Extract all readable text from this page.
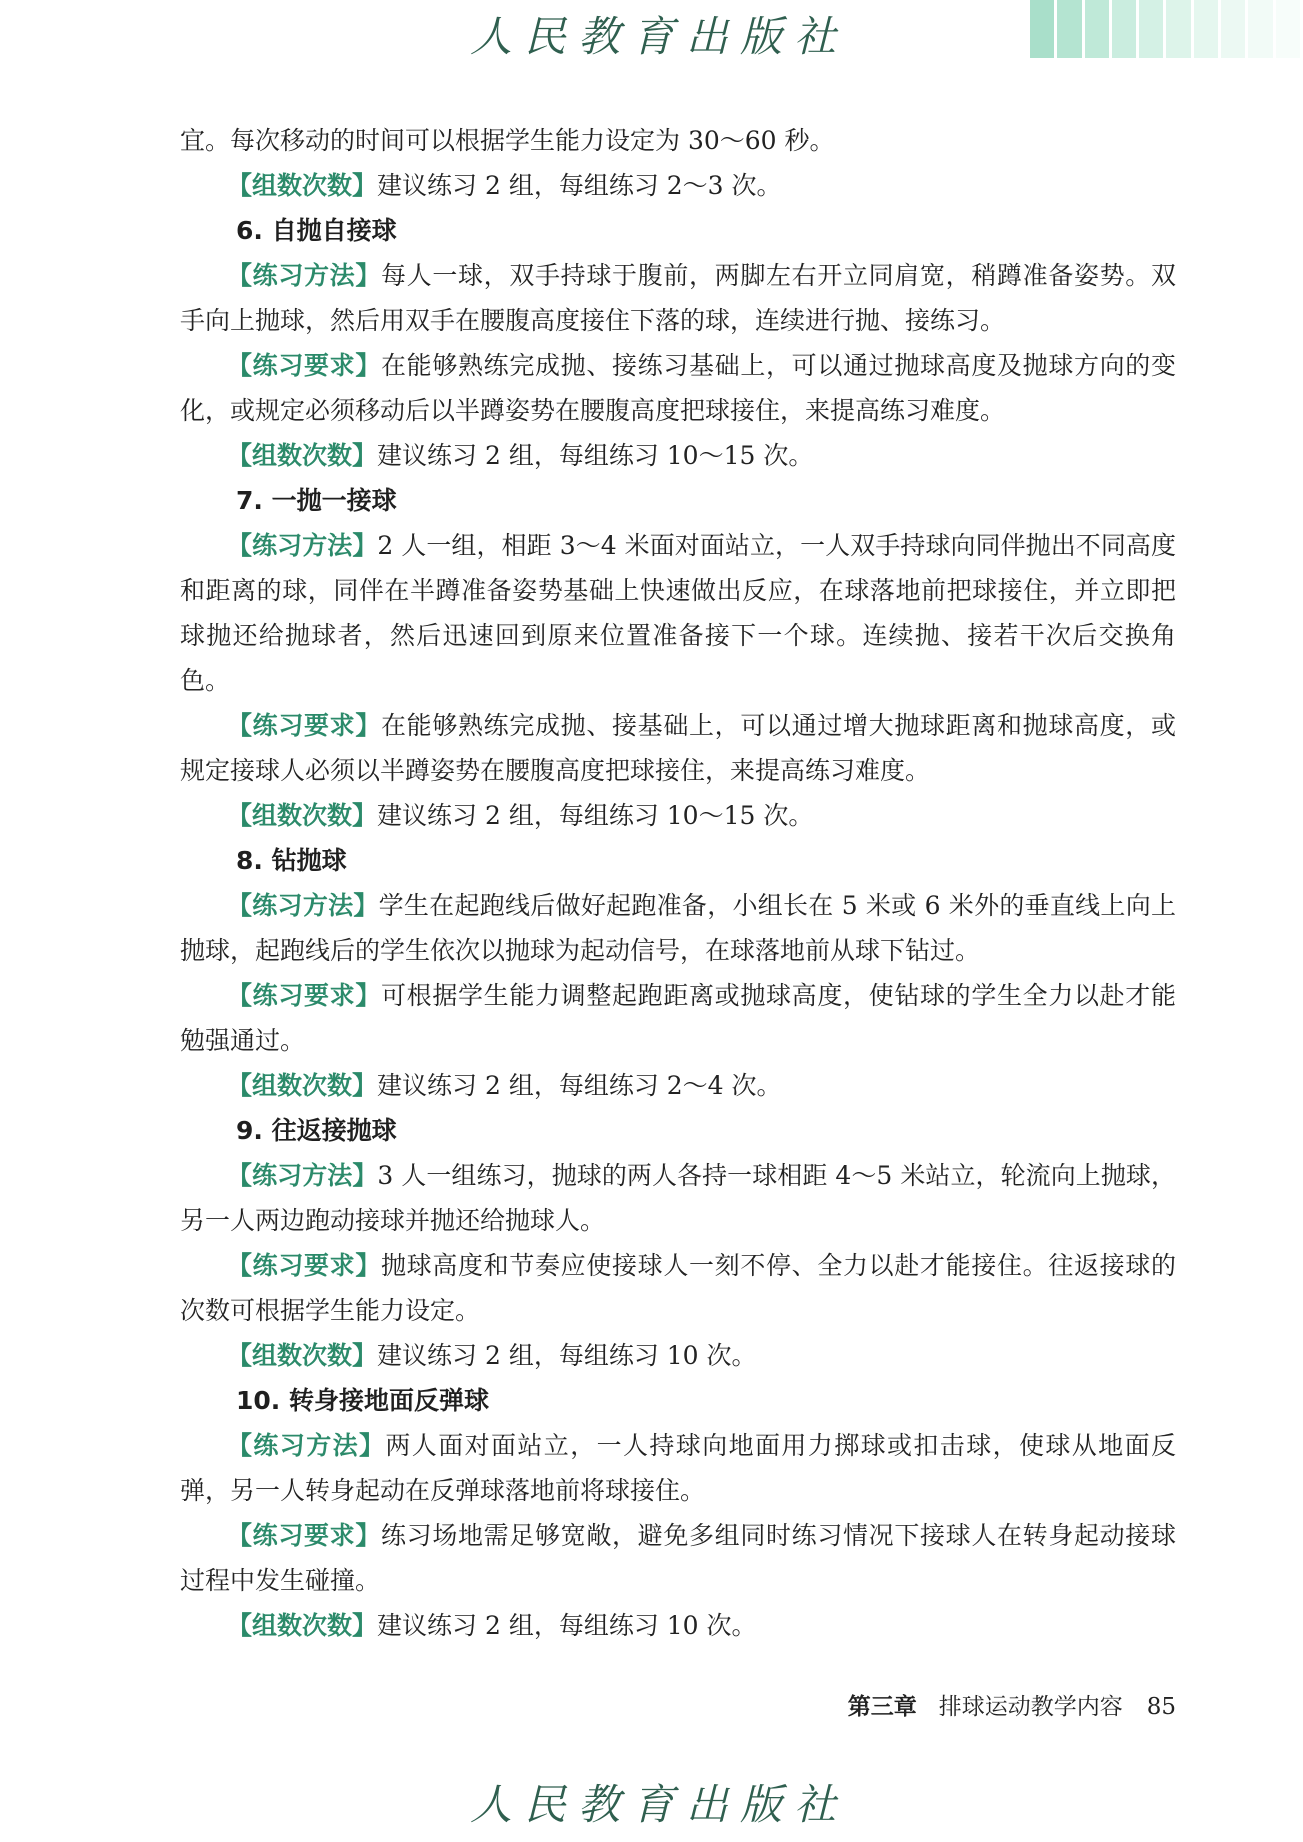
人民教育出版社

宜。每次移动的时间可以根据学生能力设定为 30～60 秒。

【组数次数】建议练习 2 组，每组练习 2～3 次。

6. 自抛自接球

【练习方法】每人一球，双手持球于腹前，两脚左右开立同肩宽，稍蹲准备姿势。双手向上抛球，然后用双手在腰腹高度接住下落的球，连续进行抛、接练习。

【练习要求】在能够熟练完成抛、接练习基础上，可以通过抛球高度及抛球方向的变化，或规定必须移动后以半蹲姿势在腰腹高度把球接住，来提高练习难度。

【组数次数】建议练习 2 组，每组练习 10～15 次。

7. 一抛一接球

【练习方法】2 人一组，相距 3～4 米面对面站立，一人双手持球向同伴抛出不同高度和距离的球，同伴在半蹲准备姿势基础上快速做出反应，在球落地前把球接住，并立即把球抛还给抛球者，然后迅速回到原来位置准备接下一个球。连续抛、接若干次后交换角色。

【练习要求】在能够熟练完成抛、接基础上，可以通过增大抛球距离和抛球高度，或规定接球人必须以半蹲姿势在腰腹高度把球接住，来提高练习难度。

【组数次数】建议练习 2 组，每组练习 10～15 次。

8. 钻抛球

【练习方法】学生在起跑线后做好起跑准备，小组长在 5 米或 6 米外的垂直线上向上抛球，起跑线后的学生依次以抛球为起动信号，在球落地前从球下钻过。

【练习要求】可根据学生能力调整起跑距离或抛球高度，使钻球的学生全力以赴才能勉强通过。

【组数次数】建议练习 2 组，每组练习 2～4 次。

9. 往返接抛球

【练习方法】3 人一组练习，抛球的两人各持一球相距 4～5 米站立，轮流向上抛球，另一人两边跑动接球并抛还给抛球人。

【练习要求】抛球高度和节奏应使接球人一刻不停、全力以赴才能接住。往返接球的次数可根据学生能力设定。

【组数次数】建议练习 2 组，每组练习 10 次。

10. 转身接地面反弹球

【练习方法】两人面对面站立，一人持球向地面用力掷球或扣击球，使球从地面反弹，另一人转身起动在反弹球落地前将球接住。

【练习要求】练习场地需足够宽敞，避免多组同时练习情况下接球人在转身起动接球过程中发生碰撞。

【组数次数】建议练习 2 组，每组练习 10 次。

第三章 排球运动教学内容 85
人民教育出版社
